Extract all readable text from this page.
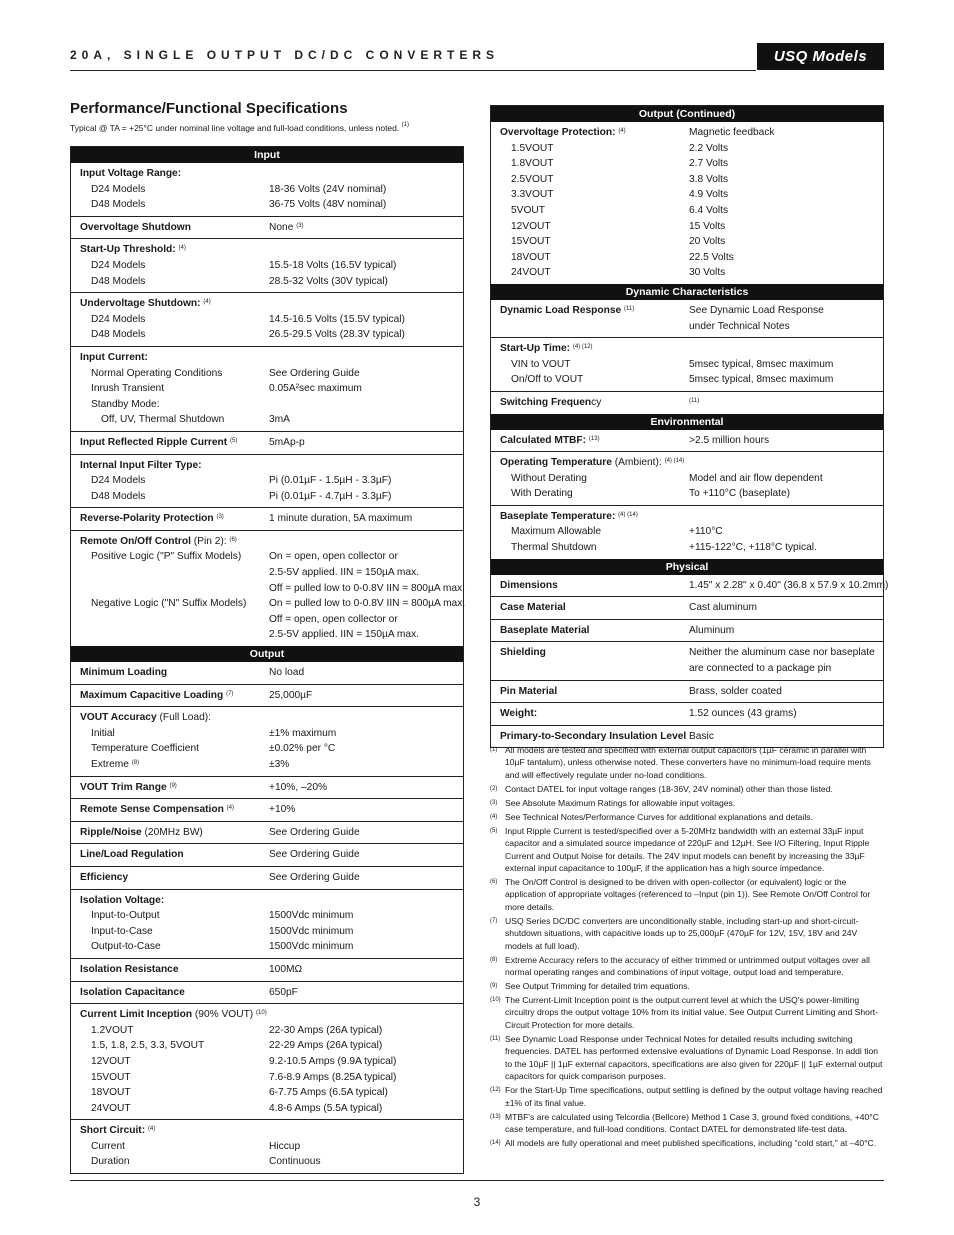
20A, SINGLE OUTPUT DC/DC CONVERTERS	USQ Models
Performance/Functional Specifications
Typical @ TA = +25°C under nominal line voltage and full-load conditions, unless noted. $^{(1)}$
Input
Input Voltage Range:
D24 Models	18-36 Volts (24V nominal)
D48 Models	36-75 Volts (48V nominal)
Overvoltage Shutdown	None $^{(3)}$
Start-Up Threshold: $^{(4)}$
D24 Models	15.5-18 Volts (16.5V typical)
D48 Models	28.5-32 Volts (30V typical)
Undervoltage Shutdown: $^{(4)}$
D24 Models	14.5-16.5 Volts (15.5V typical)
D48 Models	26.5-29.5 Volts (28.3V typical)
Input Current:
Normal Operating Conditions	See Ordering Guide
Inrush Transient	0.05A²sec maximum
Standby Mode:
Off, UV, Thermal Shutdown	3mA
Input Reflected Ripple Current $^{(5)}$	5mAp-p
Internal Input Filter Type:
D24 Models	Pi (0.01µF - 1.5µH - 3.3µF)
D48 Models	Pi (0.01µF - 4.7µH - 3.3µF)
Reverse-Polarity Protection $^{(3)}$	1 minute duration, 5A maximum
Remote On/Off Control (Pin 2): $^{(6)}$
Positive Logic ("P" Suffix Models)	On = open, open collector or
2.5-5V applied. IIN = 150µA max.
Off = pulled low to 0-0.8V IIN = 800µA max.
Negative Logic ("N" Suffix Models)	On = pulled low to 0-0.8V IIN = 800µA max.
Off = open, open collector or
2.5-5V applied. IIN = 150µA max.
Output
Minimum Loading	No load
Maximum Capacitive Loading $^{(7)}$	25,000µF
VOUT Accuracy (Full Load):
Initial	±1% maximum
Temperature Coefficient	±0.02% per °C
Extreme $^{(8)}$	±3%
VOUT Trim Range $^{(9)}$	+10%, –20%
Remote Sense Compensation $^{(4)}$	+10%
Ripple/Noise (20MHz BW)	See Ordering Guide
Line/Load Regulation	See Ordering Guide
Efficiency	See Ordering Guide
Isolation Voltage:
Input-to-Output	1500Vdc minimum
Input-to-Case	1500Vdc minimum
Output-to-Case	1500Vdc minimum
Isolation Resistance	100MΩ
Isolation Capacitance	650pF
Current Limit Inception (90% VOUT) $^{(10)}$
1.2VOUT	22-30 Amps (26A typical)
1.5, 1.8, 2.5, 3.3, 5VOUT	22-29 Amps (26A typical)
12VOUT	9.2-10.5 Amps (9.9A typical)
15VOUT	7.6-8.9 Amps (8.25A typical)
18VOUT	6-7.75 Amps (6.5A typical)
24VOUT	4.8-6 Amps (5.5A typical)
Short Circuit: $^{(4)}$
Current	Hiccup
Duration	Continuous
Output (Continued)
Overvoltage Protection: $^{(4)}$	Magnetic feedback
1.5VOUT	2.2 Volts
1.8VOUT	2.7 Volts
2.5VOUT	3.8 Volts
3.3VOUT	4.9 Volts
5VOUT	6.4 Volts
12VOUT	15 Volts
15VOUT	20 Volts
18VOUT	22.5 Volts
24VOUT	30 Volts
Dynamic Characteristics
Dynamic Load Response $^{(11)}$	See Dynamic Load Response
under Technical Notes
Start-Up Time: $^{(4) (12)}$
VIN to VOUT	5msec typical, 8msec maximum
On/Off to VOUT	5msec typical, 8msec maximum
Switching Frequency	$^{(11)}$
Environmental
Calculated MTBF: $^{(13)}$	>2.5 million hours
Operating Temperature (Ambient): $^{(4) (14)}$
Without Derating	Model and air flow dependent
With Derating	To +110°C (baseplate)
Baseplate Temperature: $^{(4) (14)}$
Maximum Allowable	+110°C
Thermal Shutdown	+115-122°C, +118°C typical.
Physical
Dimensions	1.45" x 2.28" x 0.40" (36.8 x 57.9 x 10.2mm)
Case Material	Cast aluminum
Baseplate Material	Aluminum
Shielding	Neither the aluminum case nor baseplate
are connected to a package pin
Pin Material	Brass, solder coated
Weight:	1.52 ounces (43 grams)
Primary-to-Secondary Insulation Level Basic
(1) All models are tested and specified with external output capacitors (1µF ceramic in parallel with 10µF tantalum), unless otherwise noted. These converters have no minimum-load require ments and will effectively regulate under no-load conditions.
(2) Contact DATEL for input voltage ranges (18-36V, 24V nominal) other than those listed.
(3) See Absolute Maximum Ratings for allowable input voltages.
(4) See Technical Notes/Performance Curves for additional explanations and details.
(5) Input Ripple Current is tested/specified over a 5-20MHz bandwidth with an external 33µF input capacitor and a simulated source impedance of 220µF and 12µH. See I/O Filtering, Input Ripple Current and Output Noise for details. The 24V input models can benefit by increasing the 33µF external input capacitance to 100µF, if the application has a high source impedance.
(6) The On/Off Control is designed to be driven with open-collector (or equivalent) logic or the application of appropriate voltages (referenced to –Input (pin 1)). See Remote On/Off Control for more details.
(7) USQ Series DC/DC converters are unconditionally stable, including start-up and short-circuit-shutdown situations, with capacitive loads up to 25,000µF (470µF for 12V, 15V, 18V and 24V models at full load).
(8) Extreme Accuracy refers to the accuracy of either trimmed or untrimmed output voltages over all normal operating ranges and combinations of input voltage, output load and temperature.
(9) See Output Trimming for detailed trim equations.
(10) The Current-Limit Inception point is the output current level at which the USQ's power-limiting circuitry drops the output voltage 10% from its initial value. See Output Current Limiting and Short-Circuit Protection for more details.
(11) See Dynamic Load Response under Technical Notes for detailed results including switching frequencies. DATEL has performed extensive evaluations of Dynamic Load Response. In addi tion to the 10µF || 1µF external capacitors, specifications are also given for 220µF || 1µF external output capacitors for quick comparison purposes.
(12) For the Start-Up Time specifications, output settling is defined by the output voltage having reached ±1% of its final value.
(13) MTBF's are calculated using Telcordia (Bellcore) Method 1 Case 3, ground fixed conditions, +40°C case temperature, and full-load conditions. Contact DATEL for demonstrated life-test data.
(14) All models are fully operational and meet published specifications, including "cold start," at –40°C.
3
